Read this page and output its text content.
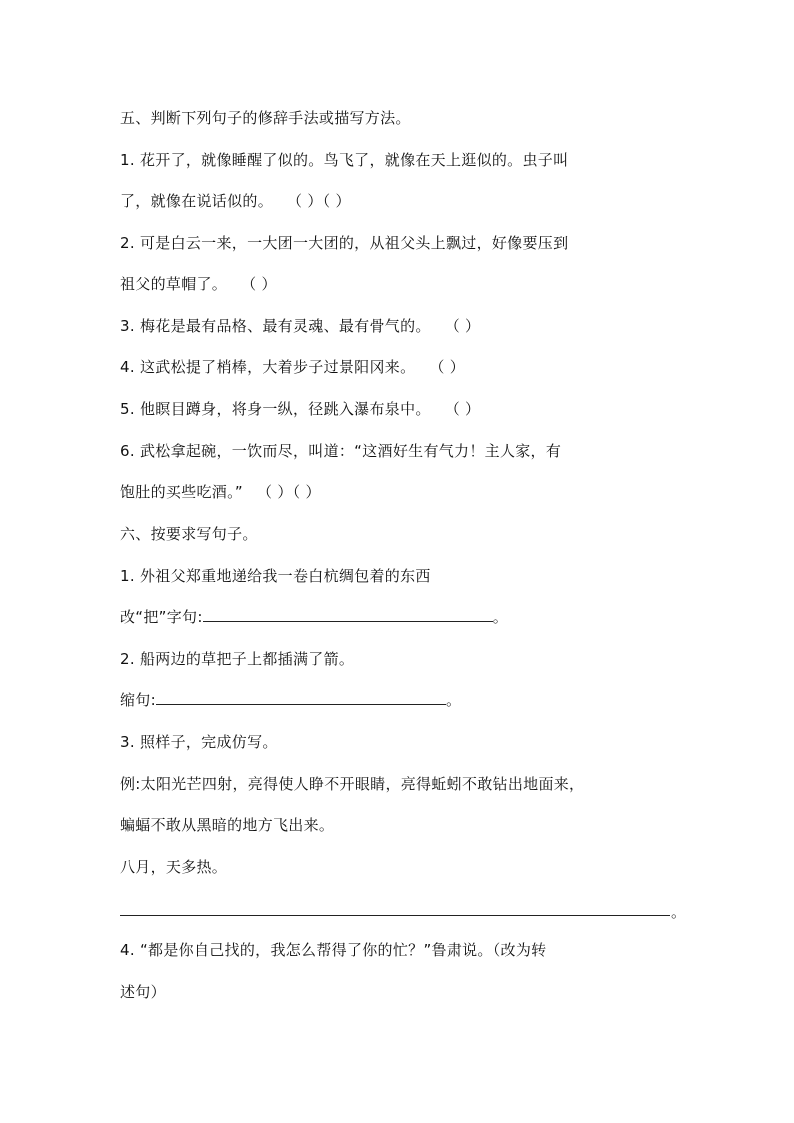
五、判断下列句子的修辞手法或描写方法。
1. 花开了，就像睡醒了似的。鸟飞了，就像在天上逛似的。虫子叫
了，就像在说话似的。 （ ）（ ）
2. 可是白云一来，一大团一大团的，从祖父头上飘过，好像要压到
祖父的草帽了。 （ ）
3. 梅花是最有品格、最有灵魂、最有骨气的。 （ ）
4. 这武松提了梢棒，大着步子过景阳冈来。 （ ）
5. 他瞑目蹲身，将身一纵，径跳入瀑布泉中。 （ ）
6. 武松拿起碗，一饮而尽，叫道：“这酒好生有气力！主人家，有
饱肚的买些吃酒。” （ ）（ ）
六、按要求写句子。
1. 外祖父郑重地递给我一卷白杭绸包着的东西
改“把”字句:	。
2. 船两边的草把子上都插满了箭。
缩句:	。
3. 照样子，完成仿写。
例:太阳光芒四射，亮得使人睁不开眼睛，亮得蚯蚓不敢钻出地面来，
蝙蝠不敢从黑暗的地方飞出来。
八月，天多热。
。
4. “都是你自己找的，我怎么帮得了你的忙？”鲁肃说。（改为转
述句）
